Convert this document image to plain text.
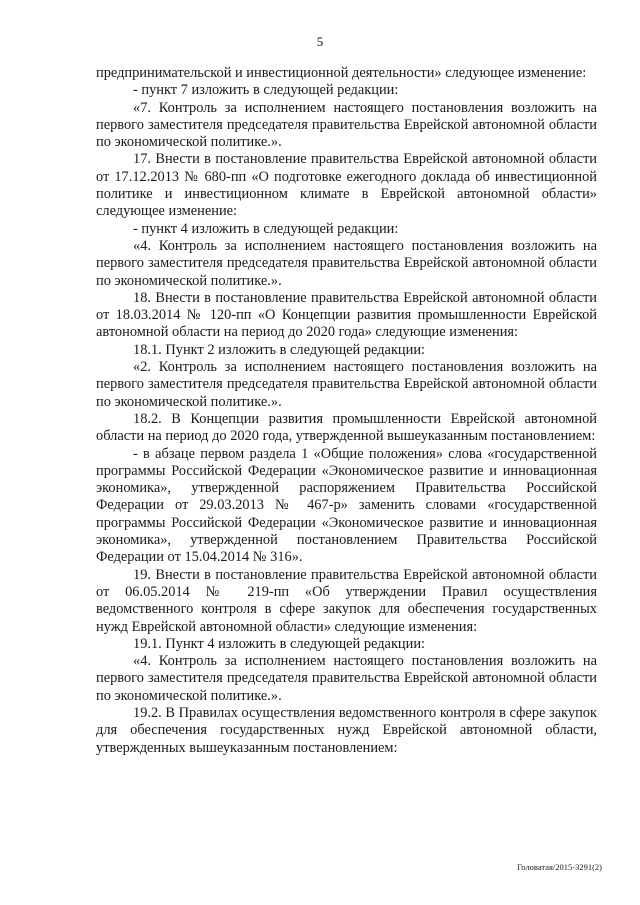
5

предпринимательской и инвестиционной деятельности» следующее изменение:

- пункт 7 изложить в следующей редакции:

«7. Контроль за исполнением настоящего постановления возложить на первого заместителя председателя правительства Еврейской автономной области по экономической политике.».

17. Внести в постановление правительства Еврейской автономной области от 17.12.2013 № 680-пп «О подготовке ежегодного доклада об инвестиционной политике и инвестиционном климате в Еврейской автономной области» следующее изменение:

- пункт 4 изложить в следующей редакции:

«4. Контроль за исполнением настоящего постановления возложить на первого заместителя председателя правительства Еврейской автономной области по экономической политике.».

18. Внести в постановление правительства Еврейской автономной области от 18.03.2014 № 120-пп «О Концепции развития промышленности Еврейской автономной области на период до 2020 года» следующие изменения:

18.1. Пункт 2 изложить в следующей редакции:

«2. Контроль за исполнением настоящего постановления возложить на первого заместителя председателя правительства Еврейской автономной области по экономической политике.».

18.2. В Концепции развития промышленности Еврейской автономной области на период до 2020 года, утвержденной вышеуказанным постановлением:

- в абзаце первом раздела 1 «Общие положения» слова «государственной программы Российской Федерации «Экономическое развитие и инновационная экономика», утвержденной распоряжением Правительства Российской Федерации от 29.03.2013 № 467-р» заменить словами «государственной программы Российской Федерации «Экономическое развитие и инновационная экономика», утвержденной постановлением Правительства Российской Федерации от 15.04.2014 № 316».

19. Внести в постановление правительства Еврейской автономной области от 06.05.2014 № 219-пп «Об утверждении Правил осуществления ведомственного контроля в сфере закупок для обеспечения государственных нужд Еврейской автономной области» следующие изменения:

19.1. Пункт 4 изложить в следующей редакции:

«4. Контроль за исполнением настоящего постановления возложить на первого заместителя председателя правительства Еврейской автономной области по экономической политике.».

19.2. В Правилах осуществления ведомственного контроля в сфере закупок для обеспечения государственных нужд Еврейской автономной области, утвержденных вышеуказанным постановлением:

Головатая/2015-3291(2)
